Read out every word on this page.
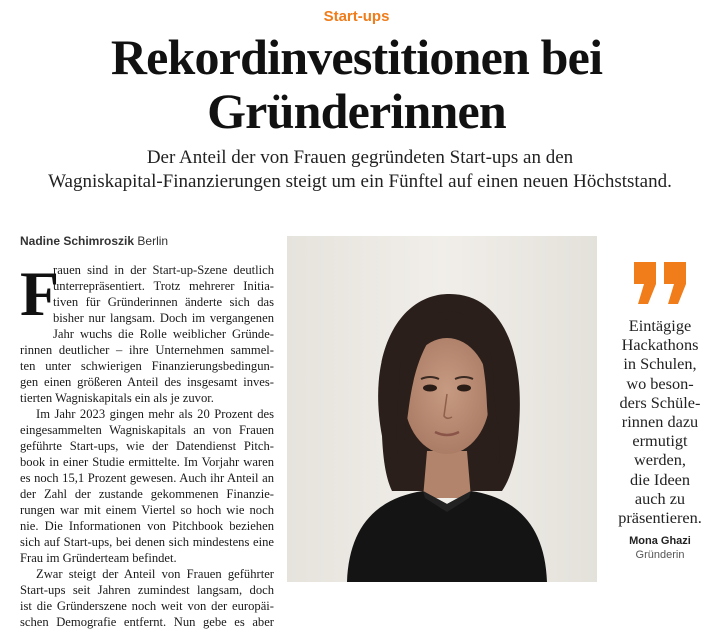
Start-ups
Rekordinvestitionen bei
Gründerinnen
Der Anteil der von Frauen gegründeten Start-ups an den
Wagniskapital-Finanzierungen steigt um ein Fünftel auf einen neuen Höchststand.
Nadine Schimroszik Berlin
F
rauen sind in der Start-up-Szene deutlich
unterrepräsentiert. Trotz mehrerer Initia-
tiven für Gründerinnen änderte sich das
bisher nur langsam. Doch im vergangenen
Jahr wuchs die Rolle weiblicher Gründe-
rinnen deutlicher – ihre Unternehmen sammel-
ten unter schwierigen Finanzierungsbedingun-
gen einen größeren Anteil des insgesamt inves-
tierten Wagniskapitals ein als je zuvor.
Im Jahr 2023 gingen mehr als 20 Prozent des
eingesammelten Wagniskapitals an von Frauen
geführte Start-ups, wie der Datendienst Pitch-
book in einer Studie ermittelte. Im Vorjahr waren
es noch 15,1 Prozent gewesen. Auch ihr Anteil an
der Zahl der zustande gekommenen Finanzie-
rungen war mit einem Viertel so hoch wie noch
nie. Die Informationen von Pitchbook beziehen
sich auf Start-ups, bei denen sich mindestens eine
Frau im Gründerteam befindet.
Zwar steigt der Anteil von Frauen geführter
Start-ups seit Jahren zumindest langsam, doch
ist die Gründerszene noch weit von der europäi-
schen Demografie entfernt. Nun gebe es aber
Eintägige
Hackathons
in Schulen,
wo beson-
ders Schüle-
rinnen dazu
ermutigt
werden,
die Ideen
auch zu
präsentieren.
Mona Ghazi
Gründerin
